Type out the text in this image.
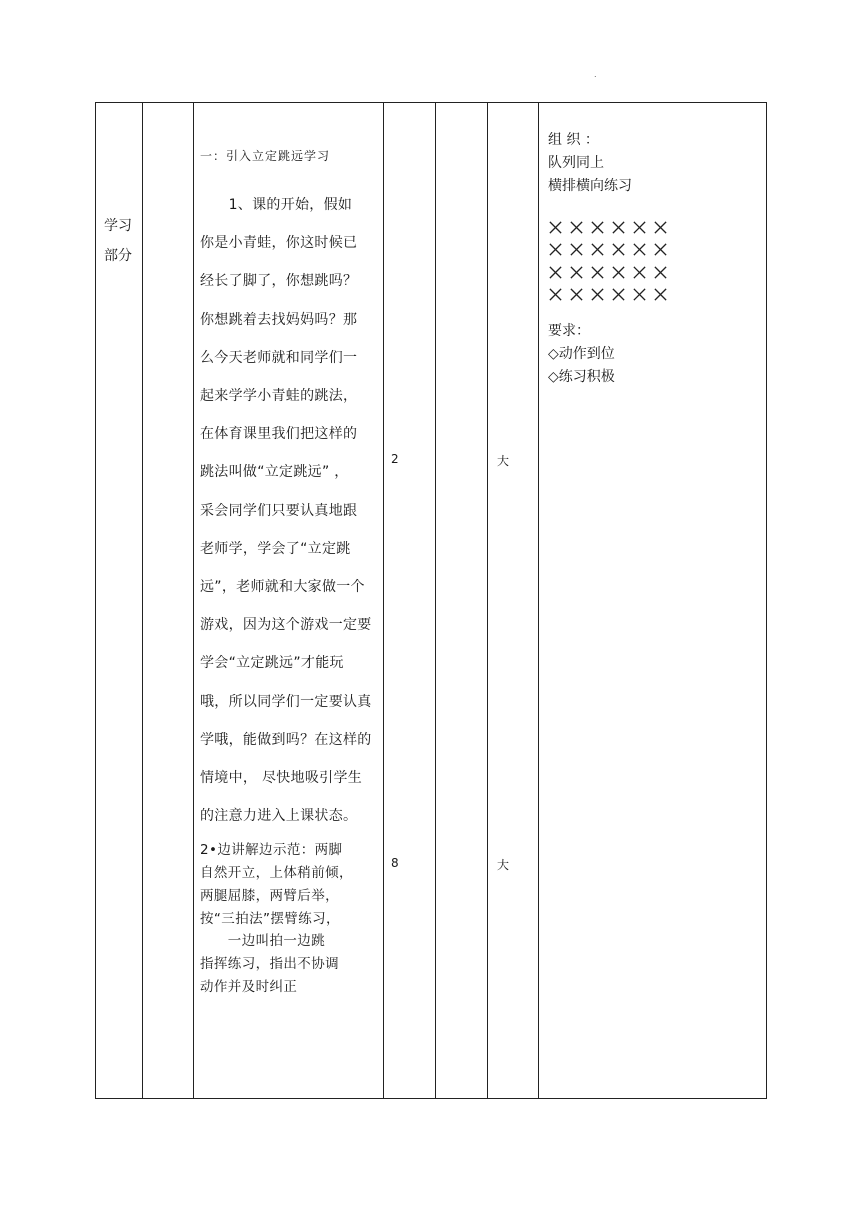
.
学习
部分
一：引入立定跳远学习
　　1、课的开始，假如
你是小青蛙，你这时候已
经长了脚了，你想跳吗？
你想跳着去找妈妈吗？那
么今天老师就和同学们一
起来学学小青蛙的跳法，
在体育课里我们把这样的
跳法叫做“立定跳远” ，
采会同学们只要认真地跟
老师学，学会了“立定跳
远”，老师就和大家做一个
游戏，因为这个游戏一定要
学会“立定跳远”才能玩
哦，所以同学们一定要认真
学哦，能做到吗？在这样的
情境中， 尽快地吸引学生
的注意力进入上课状态。
2•边讲解边示范：两脚
自然开立，上体稍前倾，
两腿屈膝，两臂后举，
按“三拍法”摆臂练习，
　　一边叫拍一边跳
指挥练习，指出不协调
动作并及时纠正
2
8
大
大
组 织 ：
队列同上
横排横向练习
要求：
◇动作到位
◇练习积极
